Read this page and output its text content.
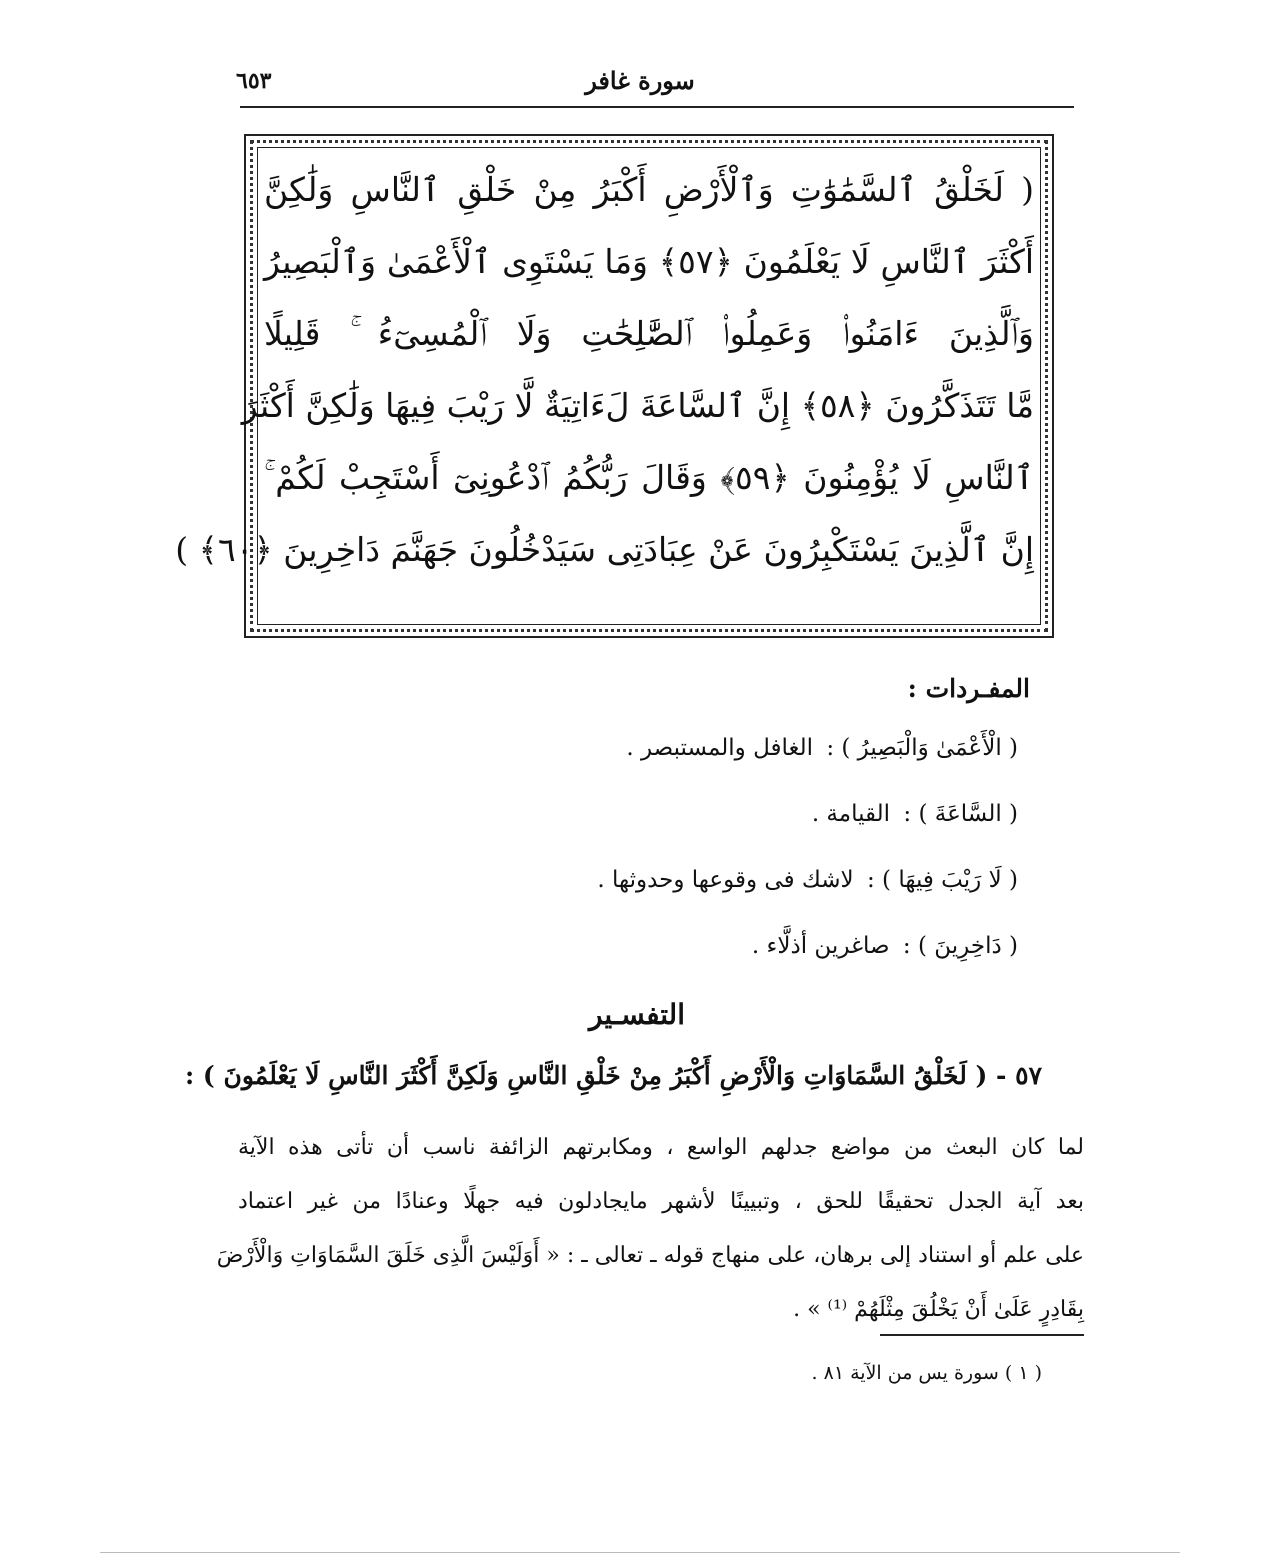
٦٥٣	سورة غافر
( لَخَلْقُ ٱلسَّمَٰوَٰتِ وَٱلْأَرْضِ أَكْبَرُ مِنْ خَلْقِ ٱلنَّاسِ وَلَٰكِنَّ
أَكْثَرَ ٱلنَّاسِ لَا يَعْلَمُونَ ﴿٥٧﴾ وَمَا يَسْتَوِى ٱلْأَعْمَىٰ وَٱلْبَصِيرُ
وَٱلَّذِينَ ءَامَنُوا۟ وَعَمِلُوا۟ ٱلصَّٰلِحَٰتِ وَلَا ٱلْمُسِىٓءُ ۚ قَلِيلًا
مَّا تَتَذَكَّرُونَ ﴿٥٨﴾ إِنَّ ٱلسَّاعَةَ لَءَاتِيَةٌ لَّا رَيْبَ فِيهَا وَلَٰكِنَّ أَكْثَرَ
ٱلنَّاسِ لَا يُؤْمِنُونَ ﴿٥٩﴾ وَقَالَ رَبُّكُمُ ٱدْعُونِىٓ أَسْتَجِبْ لَكُمْ ۚ
إِنَّ ٱلَّذِينَ يَسْتَكْبِرُونَ عَنْ عِبَادَتِى سَيَدْخُلُونَ جَهَنَّمَ دَاخِرِينَ ﴿٦٠﴾ )
المفـردات :
( الْأَعْمَىٰ وَالْبَصِيرُ ) : الغافل والمستبصر .
( السَّاعَةَ ) : القيامة .
( لَا رَيْبَ فِيهَا ) : لاشك فى وقوعها وحدوثها .
( دَاخِرِينَ ) : صاغرين أذلَّاء .
التفسـير
٥٧ - ( لَخَلْقُ السَّمَاوَاتِ وَالْأَرْضِ أَكْبَرُ مِنْ خَلْقِ النَّاسِ وَلَكِنَّ أَكْثَرَ النَّاسِ لَا يَعْلَمُونَ ) :
لما كان البعث من مواضع جدلهم الواسع ، ومكابرتهم الزائفة ناسب أن تأتى هذه الآية
بعد آية الجدل تحقيقًا للحق ، وتبيينًا لأشهر مايجادلون فيه جهلًا وعنادًا من غير اعتماد
على علم أو استناد إلى برهان، على منهاج قوله ـ تعالى ـ : « أَوَلَيْسَ الَّذِى خَلَقَ السَّمَاوَاتِ وَالْأَرْضَ
بِقَادِرٍ عَلَىٰ أَنْ يَخْلُقَ مِثْلَهُمْ ⁽¹⁾ » .
( ١ ) سورة يس من الآية ٨١ .
